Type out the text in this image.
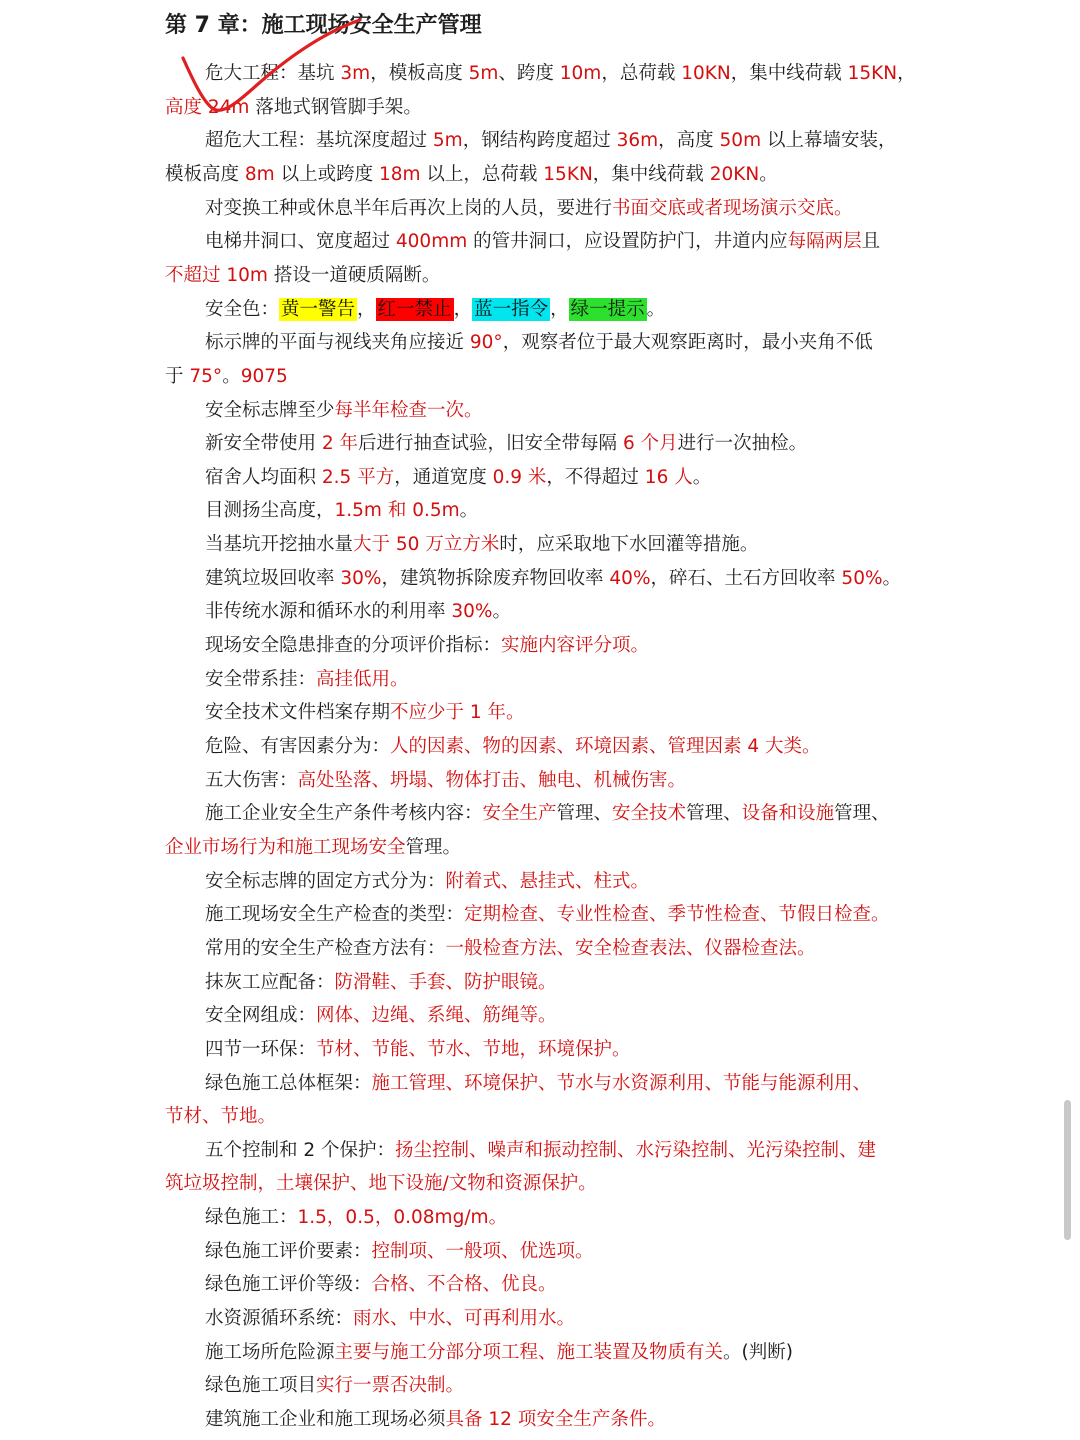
第 7 章：施工现场安全生产管理
危大工程：基坑 3m，模板高度 5m、跨度 10m，总荷载 10KN，集中线荷载 15KN，
高度 24m 落地式钢管脚手架。
超危大工程：基坑深度超过 5m，钢结构跨度超过 36m，高度 50m 以上幕墙安装，
模板高度 8m 以上或跨度 18m 以上，总荷载 15KN，集中线荷载 20KN。
对变换工种或休息半年后再次上岗的人员，要进行书面交底或者现场演示交底。
电梯井洞口、宽度超过 400mm 的管井洞口，应设置防护门，井道内应每隔两层且
不超过 10m 搭设一道硬质隔断。
安全色： 黄一警告 ， 红一禁止 ， 蓝一指令 ， 绿一提示 。
标示牌的平面与视线夹角应接近 90°，观察者位于最大观察距离时，最小夹角不低
于 75°。9075
安全标志牌至少每半年检查一次。
新安全带使用 2 年后进行抽查试验，旧安全带每隔 6 个月进行一次抽检。
宿舍人均面积 2.5 平方，通道宽度 0.9 米，不得超过 16 人。
目测扬尘高度，1.5m 和 0.5m。
当基坑开挖抽水量大于 50 万立方米时，应采取地下水回灌等措施。
建筑垃圾回收率 30%，建筑物拆除废弃物回收率 40%，碎石、土石方回收率 50%。
非传统水源和循环水的利用率 30%。
现场安全隐患排查的分项评价指标：实施内容评分项。
安全带系挂：高挂低用。
安全技术文件档案存期不应少于 1 年。
危险、有害因素分为：人的因素、物的因素、环境因素、管理因素 4 大类。
五大伤害：高处坠落、坍塌、物体打击、触电、机械伤害。
施工企业安全生产条件考核内容：安全生产管理、安全技术管理、设备和设施管理、
企业市场行为和施工现场安全管理。
安全标志牌的固定方式分为：附着式、悬挂式、柱式。
施工现场安全生产检查的类型：定期检查、专业性检查、季节性检查、节假日检查。
常用的安全生产检查方法有：一般检查方法、安全检查表法、仪器检查法。
抹灰工应配备：防滑鞋、手套、防护眼镜。
安全网组成：网体、边绳、系绳、筋绳等。
四节一环保：节材、节能、节水、节地，环境保护。
绿色施工总体框架：施工管理、环境保护、节水与水资源利用、节能与能源利用、
节材、节地。
五个控制和 2 个保护：扬尘控制、噪声和振动控制、水污染控制、光污染控制、建
筑垃圾控制，土壤保护、地下设施/文物和资源保护。
绿色施工：1.5，0.5，0.08mg/m。
绿色施工评价要素：控制项、一般项、优选项。
绿色施工评价等级：合格、不合格、优良。
水资源循环系统：雨水、中水、可再利用水。
施工场所危险源主要与施工分部分项工程、施工装置及物质有关。(判断)
绿色施工项目实行一票否决制。
建筑施工企业和施工现场必须具备 12 项安全生产条件。
